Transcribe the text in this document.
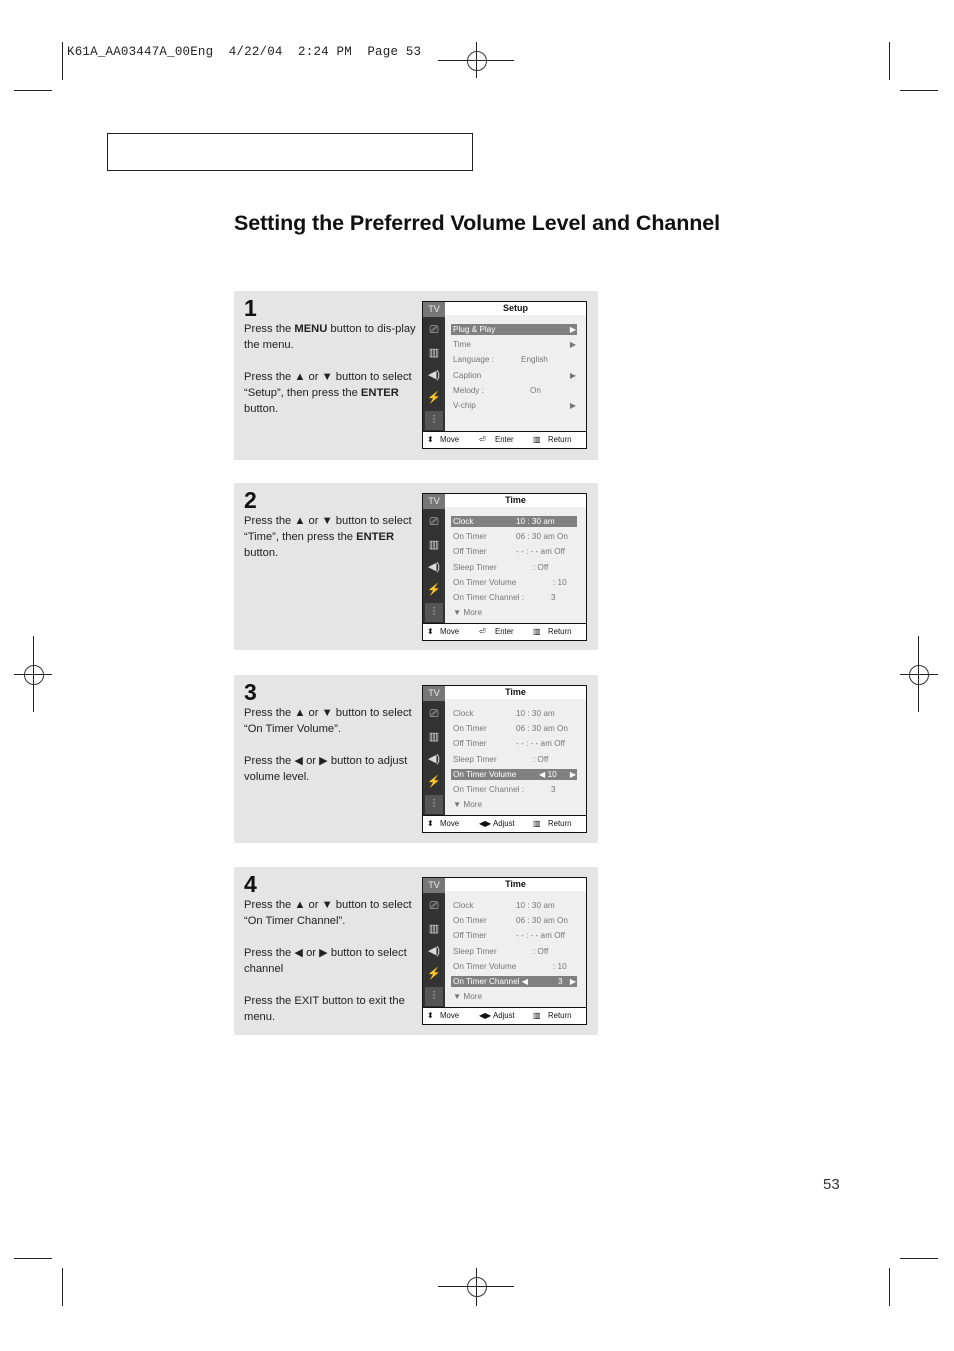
K61A_AA03447A_00Eng  4/22/04  2:24 PM  Page 53
Setting the Preferred Volume Level and Channel
1

Press the MENU button to dis-play the menu.

Press the ▲ or ▼ button to select “Setup”, then press the ENTER button.

TV
⎚
▥
◀)
⚡
⫶
Setup
Plug & Play	▶
Time	▶
Language :	English
Caption	▶
Melody :	On
V-chip	▶
⬍ Move	⏎ Enter ▥ Return
2

Press the ▲ or ▼ button to select “Time”, then press the ENTER button.

TV
⎚
▥
◀)
⚡
⫶
Time
Clock	10 : 30 am
On Timer	06 : 30 am On
Off Timer	- - : - - am Off
Sleep Timer	: Off
On Timer Volume	: 10
On Timer Channel :	3
▼ More
⬍ Move	⏎ Enter ▥ Return
3

Press the ▲ or ▼ button to select “On Timer Volume”.

Press the ◀ or ▶ button to adjust volume level.

TV
⎚
▥
◀)
⚡
⫶
Time
Clock	10 : 30 am
On Timer	06 : 30 am On
Off Timer	- - : - - am Off
Sleep Timer	: Off
On Timer Volume	◀ 10 ▶
On Timer Channel :	3
▼ More
⬍ Move	◀▶ Adjust ▥ Return
4

Press the ▲ or ▼ button to select “On Timer Channel”.

Press the ◀ or ▶ button to select channel

Press the EXIT button to exit the menu.

TV
⎚
▥
◀)
⚡
⫶
Time
Clock	10 : 30 am
On Timer	06 : 30 am On
Off Timer	- - : - - am Off
Sleep Timer	: Off
On Timer Volume	: 10
On Timer Channel ◀	3 ▶
▼ More
⬍ Move	◀▶ Adjust ▥ Return
53
